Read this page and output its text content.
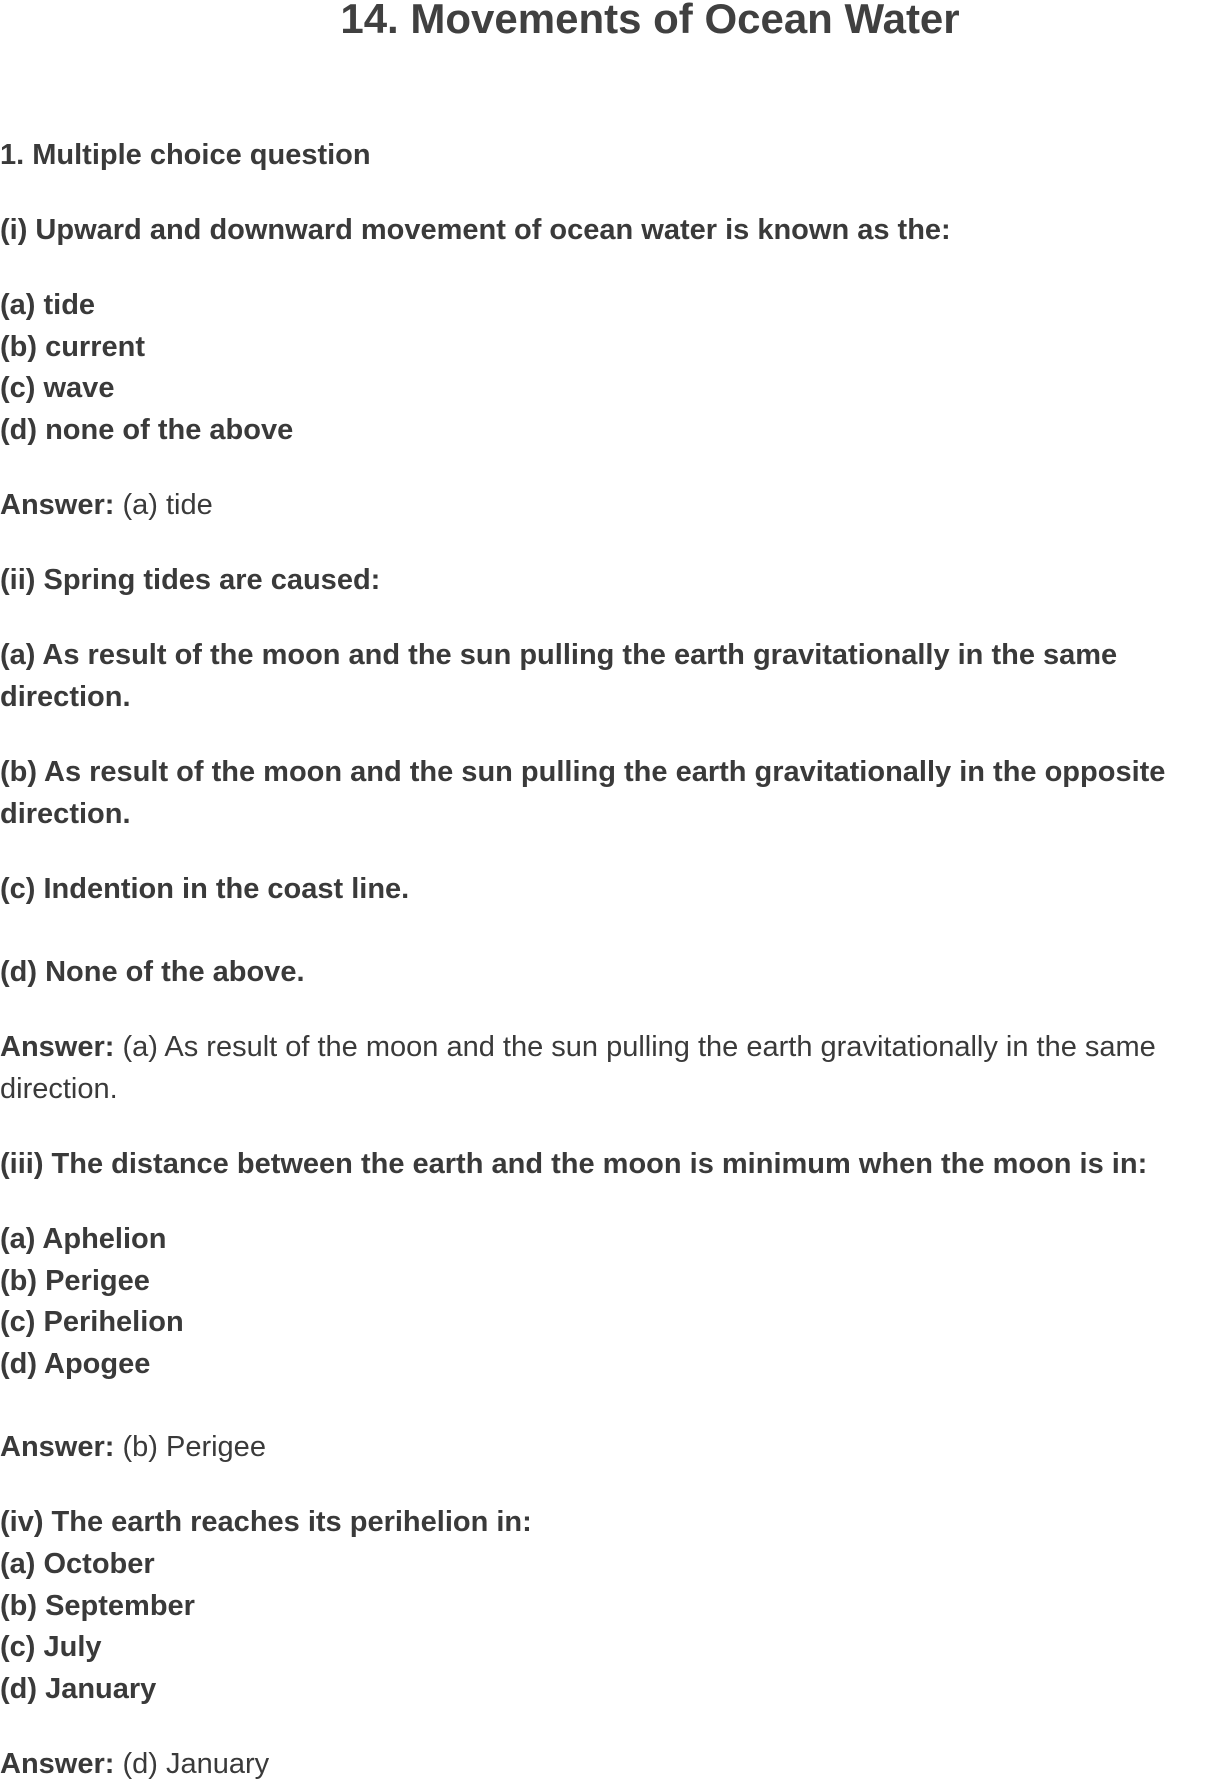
14. Movements of Ocean Water
1. Multiple choice question
(i) Upward and downward movement of ocean water is known as the:
(a) tide
(b) current
(c) wave
(d) none of the above
Answer: (a) tide
(ii) Spring tides are caused:
(a) As result of the moon and the sun pulling the earth gravitationally in the same
direction.
(b) As result of the moon and the sun pulling the earth gravitationally in the opposite
direction.
(c) Indention in the coast line.
(d) None of the above.
Answer: (a) As result of the moon and the sun pulling the earth gravitationally in the same
direction.
(iii) The distance between the earth and the moon is minimum when the moon is in:
(a) Aphelion
(b) Perigee
(c) Perihelion
(d) Apogee
Answer: (b) Perigee
(iv) The earth reaches its perihelion in:
(a) October
(b) September
(c) July
(d) January
Answer: (d) January
